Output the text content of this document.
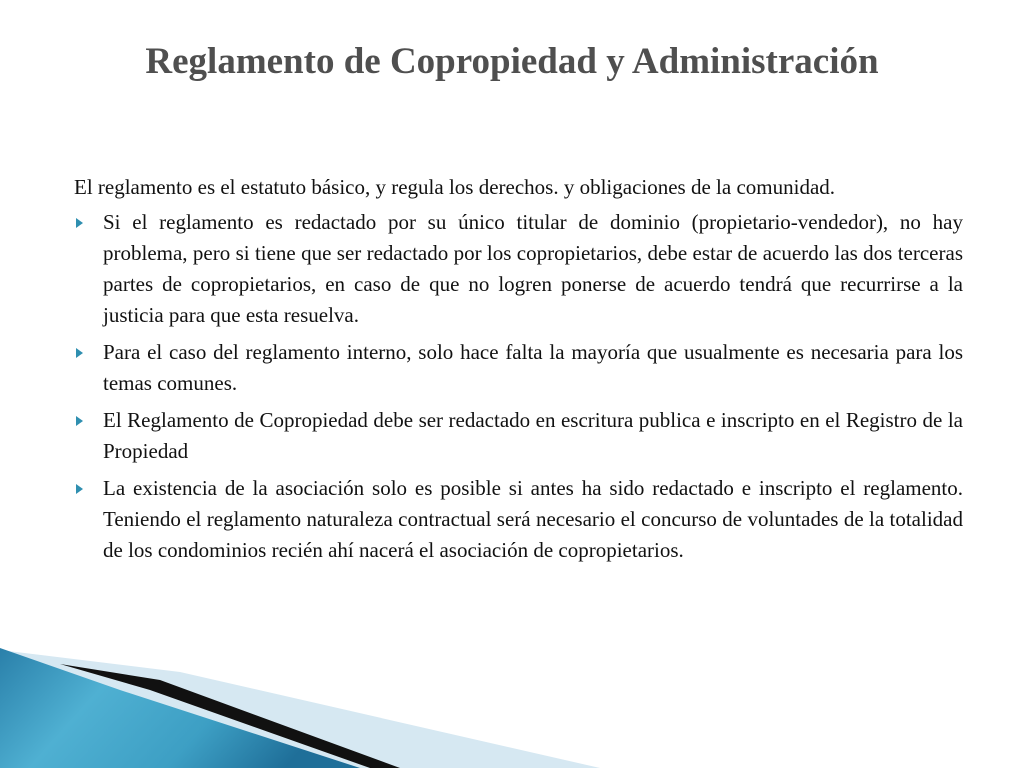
Reglamento de Copropiedad y Administración

El reglamento es el estatuto básico, y regula los derechos. y obligaciones de la comunidad.

Si el reglamento es redactado por su único titular de dominio (propietario-vendedor), no hay problema, pero si tiene que ser redactado por los copropietarios, debe estar de acuerdo las dos terceras partes de copropietarios, en caso de que no logren ponerse de acuerdo tendrá que recurrirse a la justicia para que esta resuelva.
Para el caso del reglamento interno, solo hace falta la mayoría que usualmente es necesaria para los temas comunes.
El Reglamento de Copropiedad debe ser redactado en escritura publica e inscripto en el Registro de la Propiedad
La existencia de la asociación solo es posible si antes ha sido redactado e inscripto el reglamento. Teniendo el reglamento naturaleza contractual será necesario el concurso de voluntades de la totalidad de los condominios recién ahí nacerá el asociación de copropietarios.
